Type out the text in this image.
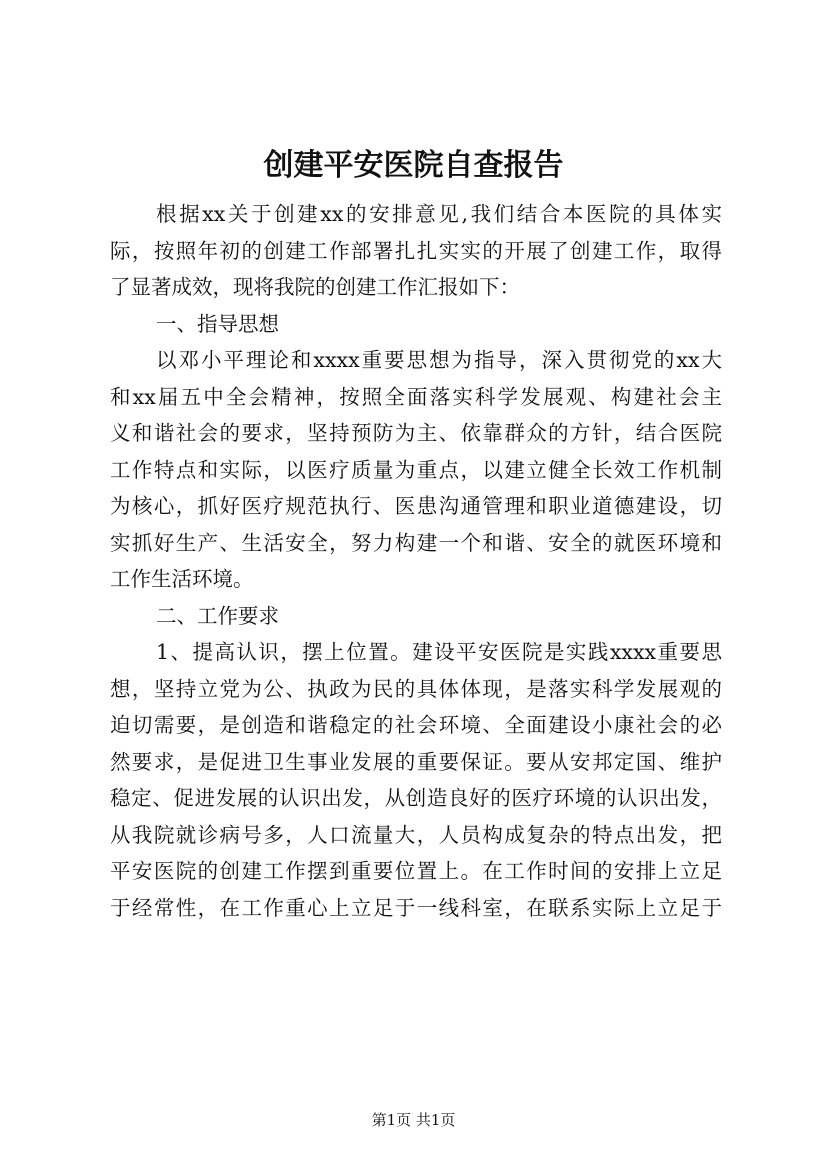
创建平安医院自查报告
根据xx关于创建xx的安排意见,我们结合本医院的具体实
际，按照年初的创建工作部署扎扎实实的开展了创建工作，取得
了显著成效，现将我院的创建工作汇报如下：
一、指导思想
以邓小平理论和xxxx重要思想为指导，深入贯彻党的xx大
和xx届五中全会精神，按照全面落实科学发展观、构建社会主
义和谐社会的要求，坚持预防为主、依靠群众的方针，结合医院
工作特点和实际，以医疗质量为重点，以建立健全长效工作机制
为核心，抓好医疗规范执行、医患沟通管理和职业道德建设，切
实抓好生产、生活安全，努力构建一个和谐、安全的就医环境和
工作生活环境。
二、工作要求
1、提高认识，摆上位置。建设平安医院是实践xxxx重要思
想，坚持立党为公、执政为民的具体体现，是落实科学发展观的
迫切需要，是创造和谐稳定的社会环境、全面建设小康社会的必
然要求，是促进卫生事业发展的重要保证。要从安邦定国、维护
稳定、促进发展的认识出发，从创造良好的医疗环境的认识出发，
从我院就诊病号多，人口流量大，人员构成复杂的特点出发，把
平安医院的创建工作摆到重要位置上。在工作时间的安排上立足
于经常性，在工作重心上立足于一线科室，在联系实际上立足于
第1页 共1页
